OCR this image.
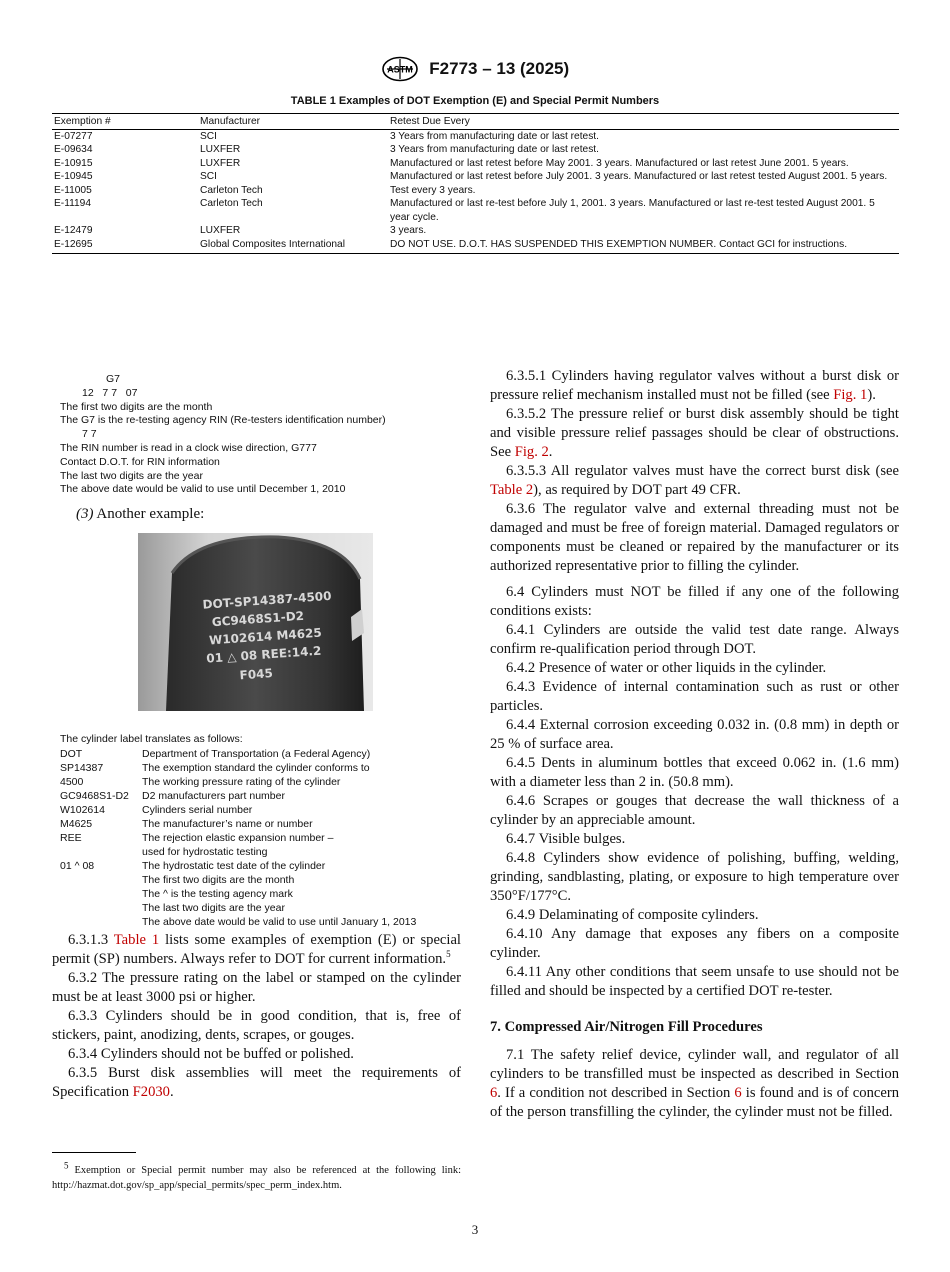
ASTM F2773 – 13 (2025)
TABLE 1 Examples of DOT Exemption (E) and Special Permit Numbers
Exemption #	Manufacturer	Retest Due Every
E-07277	SCI	3 Years from manufacturing date or last retest.
E-09634	LUXFER	3 Years from manufacturing date or last retest.
E-10915	LUXFER	Manufactured or last retest before May 2001. 3 years. Manufactured or last retest June 2001. 5 years.
E-10945	SCI	Manufactured or last retest before July 2001. 3 years. Manufactured or last retest tested August 2001. 5 years.
E-11005	Carleton Tech	Test every 3 years.
E-11194	Carleton Tech	Manufactured or last re-test before July 1, 2001. 3 years. Manufactured or last re-test tested August 2001. 5 year cycle.
E-12479	LUXFER	3 years.
E-12695	Global Composites International	DO NOT USE. D.O.T. HAS SUSPENDED THIS EXEMPTION NUMBER. Contact GCI for instructions.
G7
12   7 7   07
The first two digits are the month
The G7 is the re-testing agency RIN (Re-testers identification number)
7 7
The RIN number is read in a clock wise direction, G777
Contact D.O.T. for RIN information
The last two digits are the year
The above date would be valid to use until December 1, 2010
(3) Another example:
DOT-SP14387-4500
GC9468S1-D2
W102614 M4625
01 △ 08 REE:14.2
F045
The cylinder label translates as follows:
DOT	Department of Transportation (a Federal Agency)
SP14387	The exemption standard the cylinder conforms to
4500	The working pressure rating of the cylinder
GC9468S1-D2	D2 manufacturers part number
W102614	Cylinders serial number
M4625	The manufacturer’s name or number
REE	The rejection elastic expansion number –
	used for hydrostatic testing
01 ^ 08	The hydrostatic test date of the cylinder
	The first two digits are the month
	The ^ is the testing agency mark
	The last two digits are the year
	The above date would be valid to use until January 1, 2013

6.3.1.3 Table 1 lists some examples of exemption (E) or special permit (SP) numbers. Always refer to DOT for current information.$^5$

6.3.2 The pressure rating on the label or stamped on the cylinder must be at least 3000 psi or higher.

6.3.3 Cylinders should be in good condition, that is, free of stickers, paint, anodizing, dents, scrapes, or gouges.

6.3.4 Cylinders should not be buffed or polished.

6.3.5 Burst disk assemblies will meet the requirements of Specification F2030.

$^5$ Exemption or Special permit number may also be referenced at the following link: http://hazmat.dot.gov/sp_app/special_permits/spec_perm_index.htm.

6.3.5.1 Cylinders having regulator valves without a burst disk or pressure relief mechanism installed must not be filled (see Fig. 1).

6.3.5.2 The pressure relief or burst disk assembly should be tight and visible pressure relief passages should be clear of obstructions. See Fig. 2.

6.3.5.3 All regulator valves must have the correct burst disk (see Table 2), as required by DOT part 49 CFR.

6.3.6 The regulator valve and external threading must not be damaged and must be free of foreign material. Damaged regulators or components must be cleaned or repaired by the manufacturer or its authorized representative prior to filling the cylinder.

6.4 Cylinders must NOT be filled if any one of the following conditions exists:

6.4.1 Cylinders are outside the valid test date range. Always confirm re-qualification period through DOT.

6.4.2 Presence of water or other liquids in the cylinder.

6.4.3 Evidence of internal contamination such as rust or other particles.

6.4.4 External corrosion exceeding 0.032 in. (0.8 mm) in depth or 25 % of surface area.

6.4.5 Dents in aluminum bottles that exceed 0.062 in. (1.6 mm) with a diameter less than 2 in. (50.8 mm).

6.4.6 Scrapes or gouges that decrease the wall thickness of a cylinder by an appreciable amount.

6.4.7 Visible bulges.

6.4.8 Cylinders show evidence of polishing, buffing, welding, grinding, sandblasting, plating, or exposure to high temperature over 350°F/177°C.

6.4.9 Delaminating of composite cylinders.

6.4.10 Any damage that exposes any fibers on a composite cylinder.

6.4.11 Any other conditions that seem unsafe to use should not be filled and should be inspected by a certified DOT re-tester.

7. Compressed Air/Nitrogen Fill Procedures

7.1 The safety relief device, cylinder wall, and regulator of all cylinders to be transfilled must be inspected as described in Section 6. If a condition not described in Section 6 is found and is of concern of the person transfilling the cylinder, the cylinder must not be filled.

3
